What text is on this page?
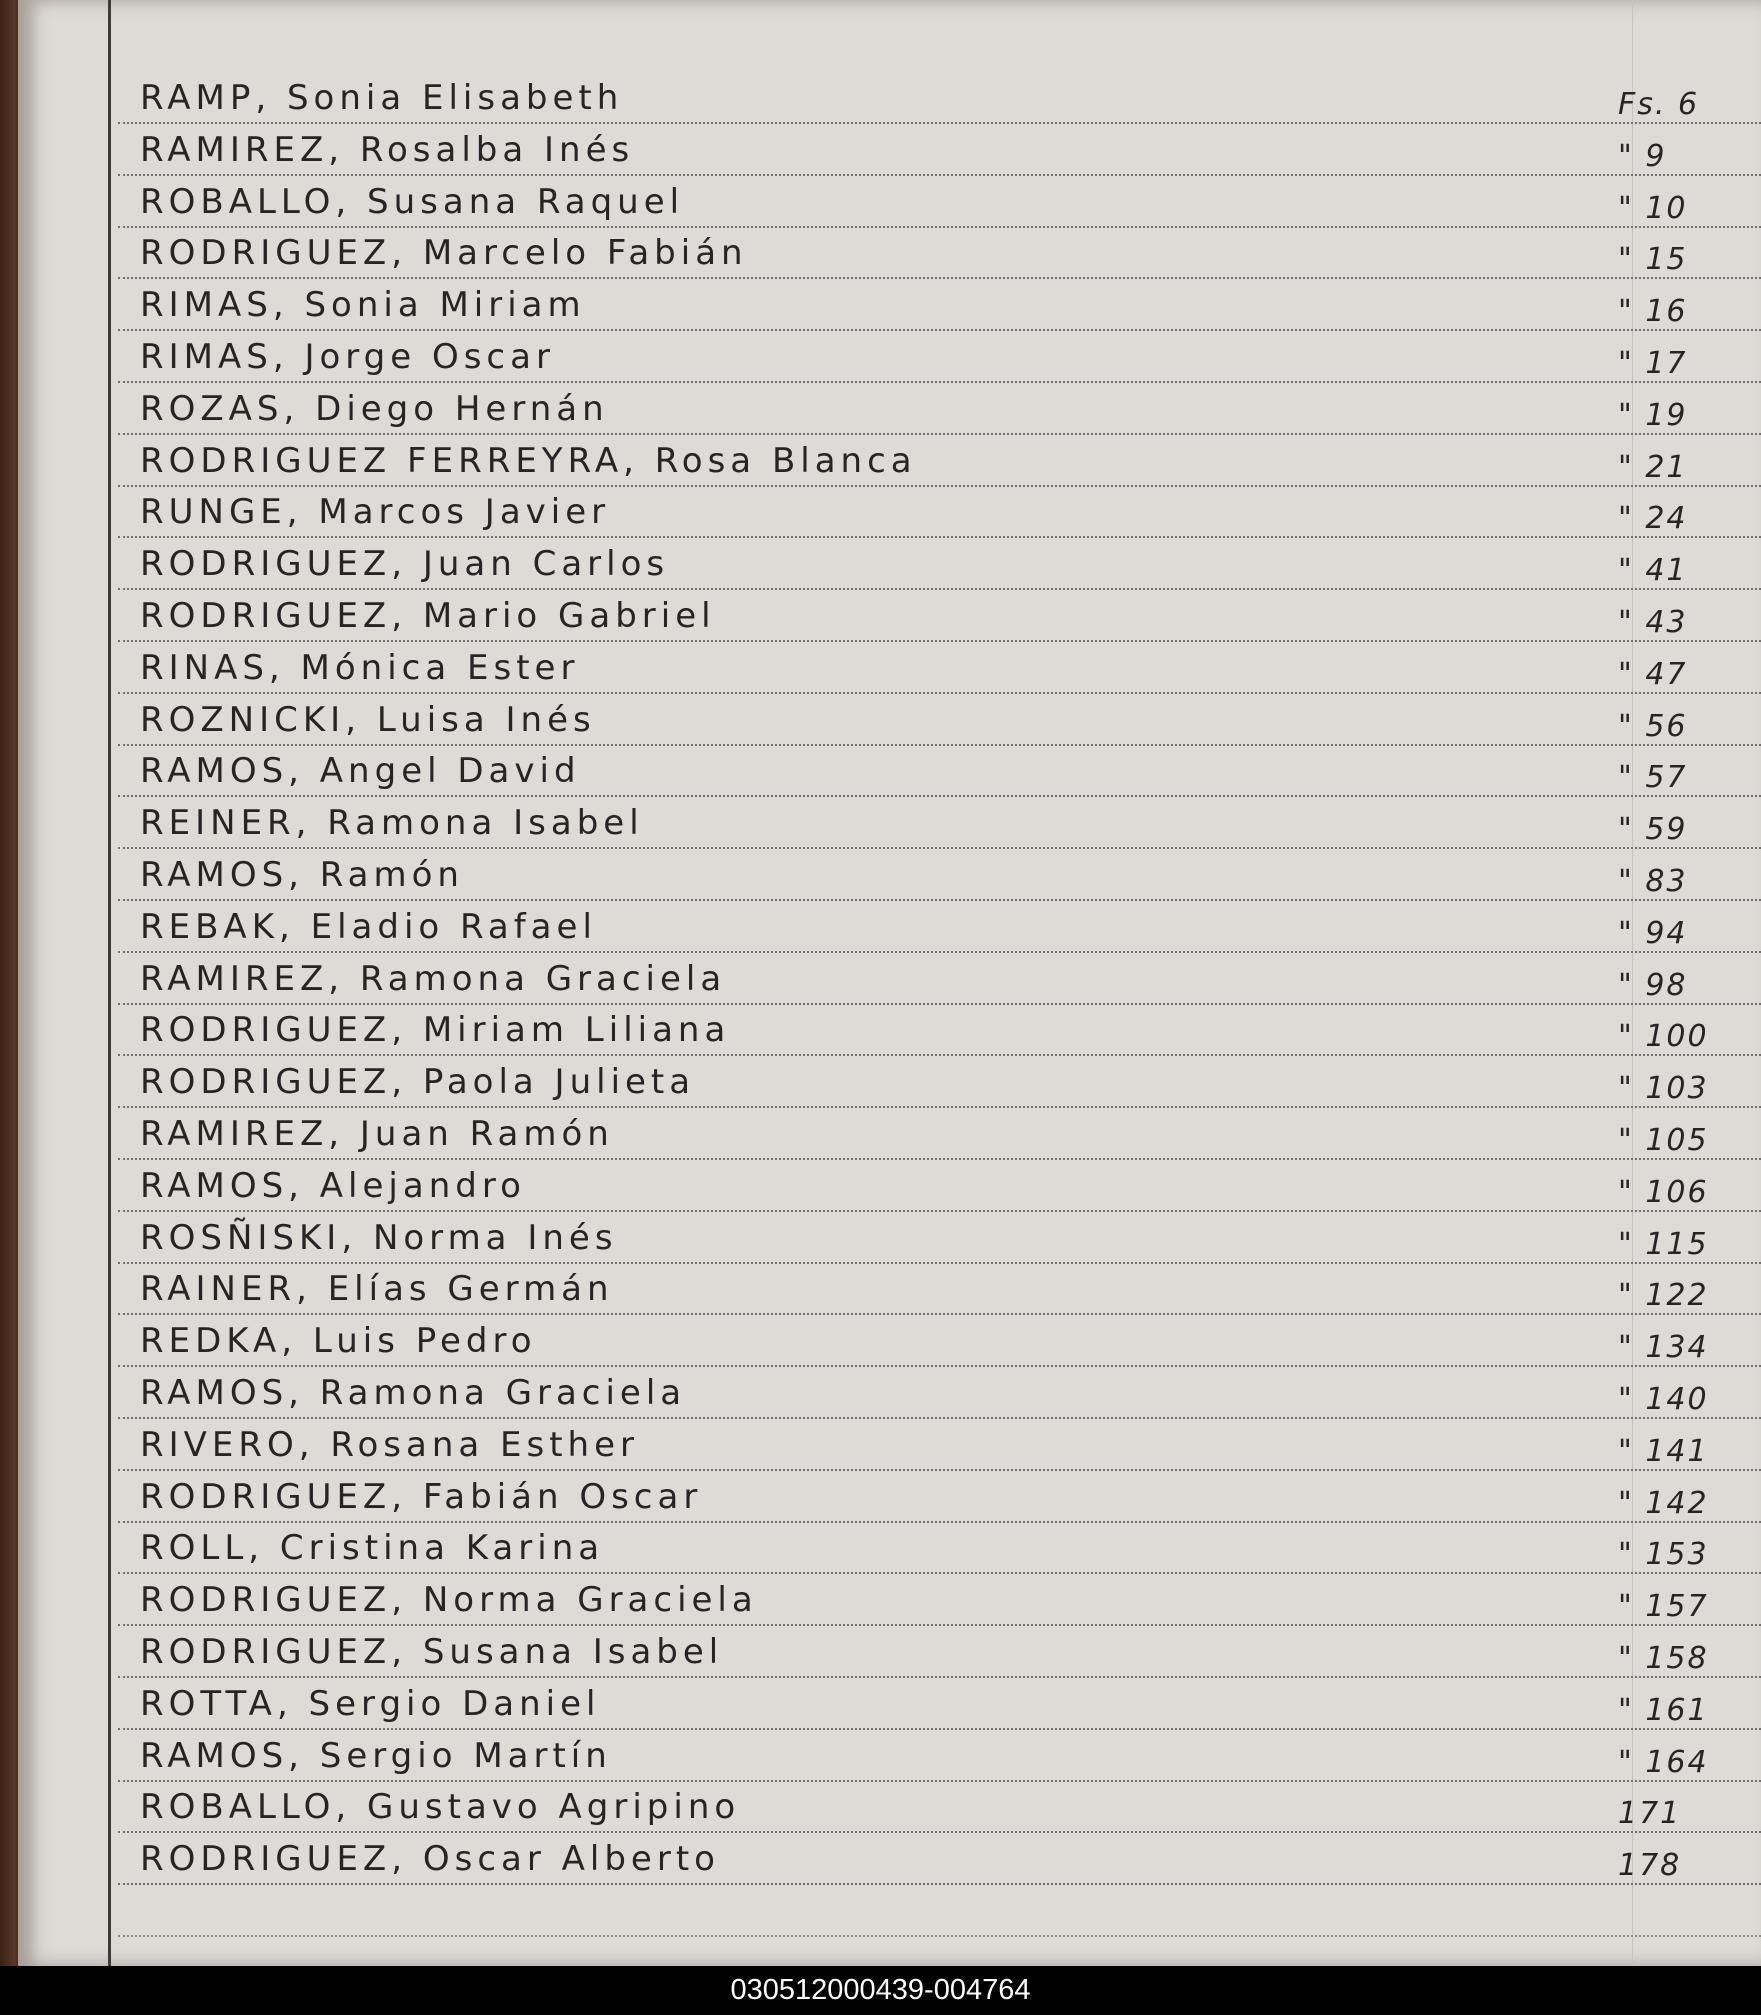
RAMP, Sonia Elisabeth	Fs. 6
RAMIREZ, Rosalba Inés	" 9
ROBALLO, Susana Raquel	" 10
RODRIGUEZ, Marcelo Fabián	" 15
RIMAS, Sonia Miriam	" 16
RIMAS, Jorge Oscar	" 17
ROZAS, Diego Hernán	" 19
RODRIGUEZ FERREYRA, Rosa Blanca	" 21
RUNGE, Marcos Javier	" 24
RODRIGUEZ, Juan Carlos	" 41
RODRIGUEZ, Mario Gabriel	" 43
RINAS, Mónica Ester	" 47
ROZNICKI, Luisa Inés	" 56
RAMOS, Angel David	" 57
REINER, Ramona Isabel	" 59
RAMOS, Ramón	" 83
REBAK, Eladio Rafael	" 94
RAMIREZ, Ramona Graciela	" 98
RODRIGUEZ, Miriam Liliana	" 100
RODRIGUEZ, Paola Julieta	" 103
RAMIREZ, Juan Ramón	" 105
RAMOS, Alejandro	" 106
ROSÑISKI, Norma Inés	" 115
RAINER, Elías Germán	" 122
REDKA, Luis Pedro	" 134
RAMOS, Ramona Graciela	" 140
RIVERO, Rosana Esther	" 141
RODRIGUEZ, Fabián Oscar	" 142
ROLL, Cristina Karina	" 153
RODRIGUEZ, Norma Graciela	" 157
RODRIGUEZ, Susana Isabel	" 158
ROTTA, Sergio Daniel	" 161
RAMOS, Sergio Martín	" 164
ROBALLO, Gustavo Agripino	171
RODRIGUEZ, Oscar Alberto	178
030512000439-004764
